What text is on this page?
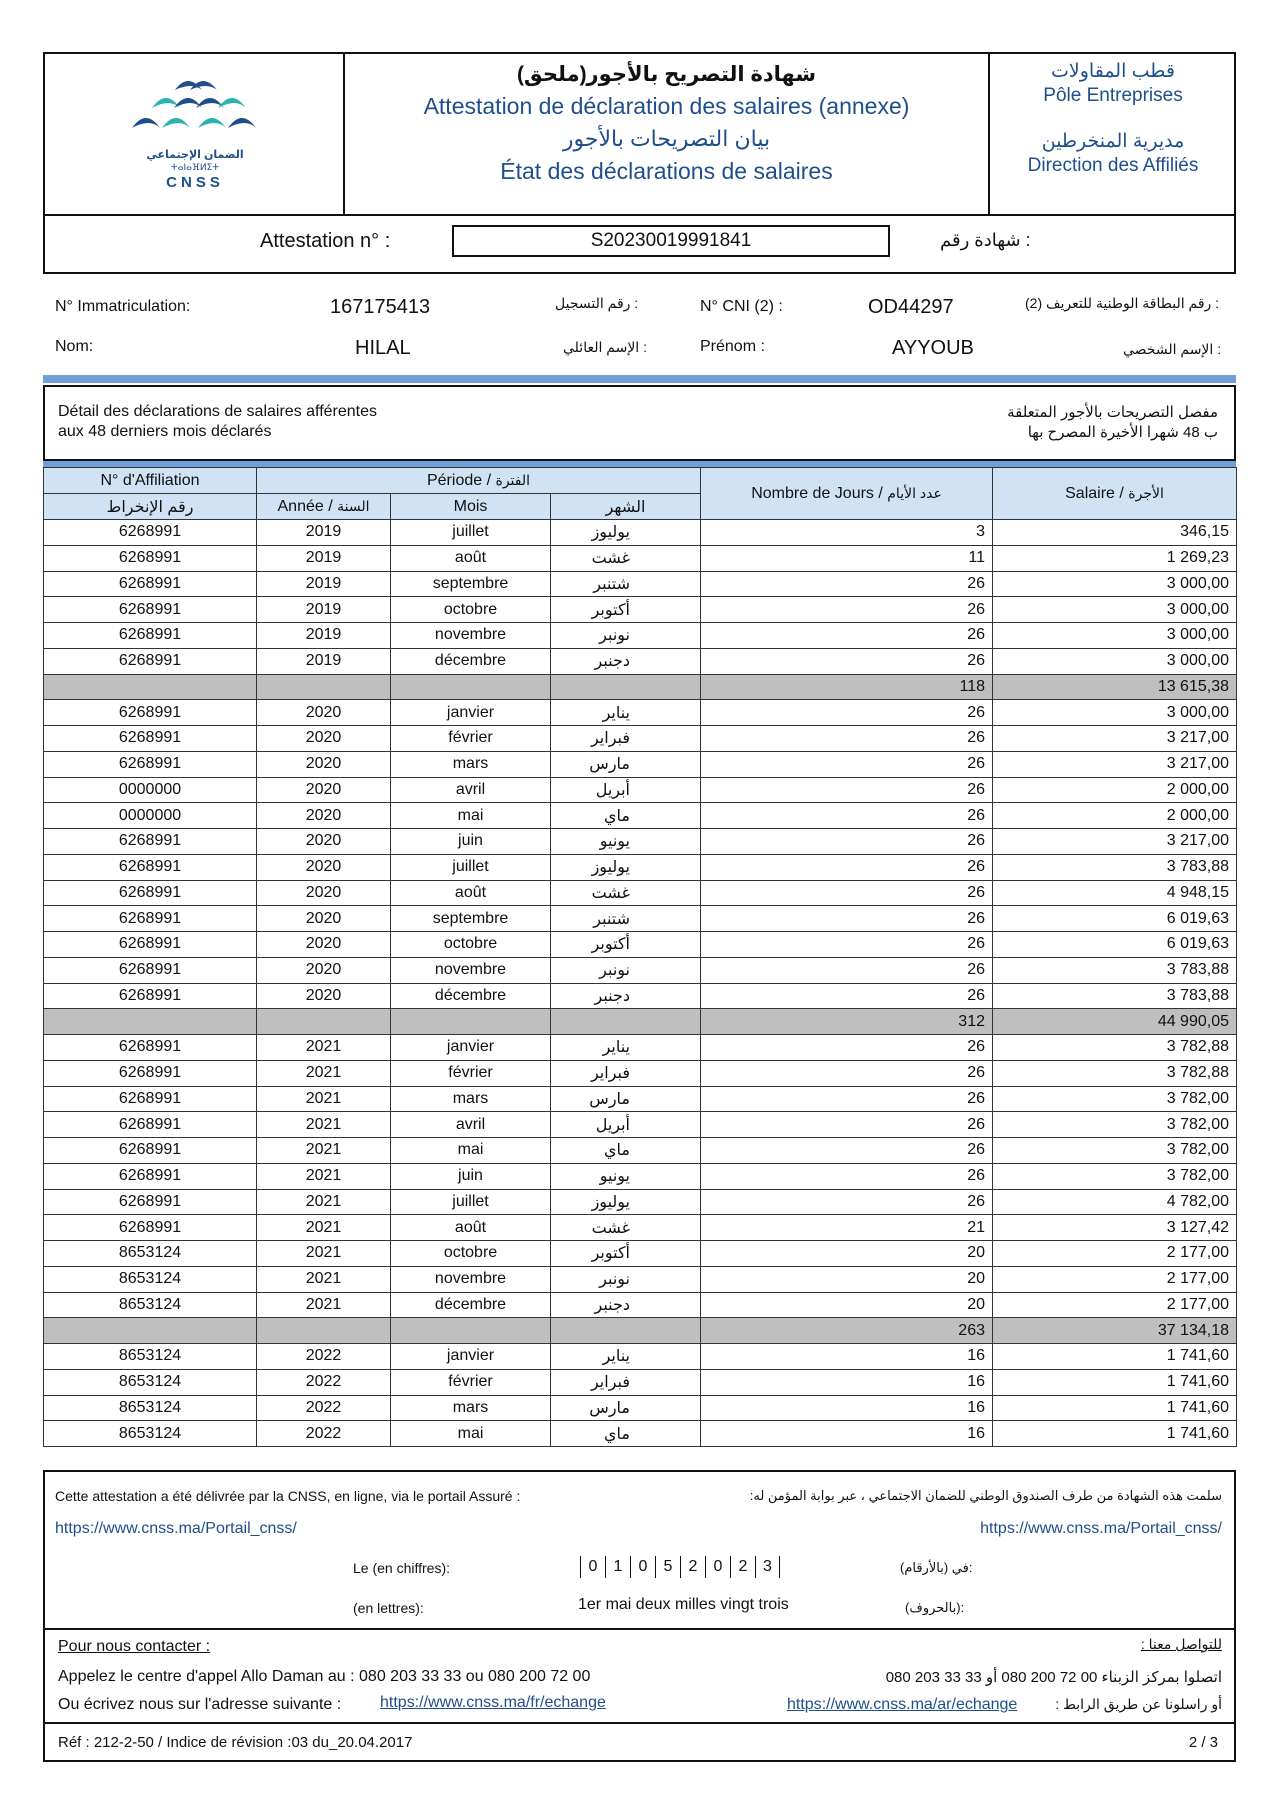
الضمان الإجتماعي
ⵜⴰⵏⴰⴼⵍⵉⵜ
CNSS
شهادة التصريح بالأجور(ملحق)
Attestation de déclaration des salaires (annexe)
بيان التصريحات بالأجور
État des déclarations de salaires
قطب المقاولات
Pôle Entreprises
مديرية المنخرطين
Direction des Affiliés
Attestation n° :	S20230019991841	شهادة رقم :
N° Immatriculation:	167175413	رقم التسجيل :	N° CNI (2) :	OD44297	رقم البطاقة الوطنية للتعريف (2) :
Nom:	HILAL	الإسم العائلي :	Prénom :	AYYOUB	الإسم الشخصي :
Détail des déclarations de salaires afférentes
aux 48 derniers mois déclarés
مفصل التصريحات بالأجور المتعلقة
ب 48 شهرا الأخيرة المصرح بها
N° d'Affiliation	Période / الفترة			Nombre de Jours / عدد الأيام	Salaire / الأجرة
رقم الإنخراط	Année / السنة	Mois	الشهر		
6268991	2019	juillet	يوليوز	3	346,15
6268991	2019	août	غشت	11	1 269,23
6268991	2019	septembre	شتنبر	26	3 000,00
6268991	2019	octobre	أكتوبر	26	3 000,00
6268991	2019	novembre	نونبر	26	3 000,00
6268991	2019	décembre	دجنبر	26	3 000,00
				118	13 615,38
6268991	2020	janvier	يناير	26	3 000,00
6268991	2020	février	فبراير	26	3 217,00
6268991	2020	mars	مارس	26	3 217,00
0000000	2020	avril	أبريل	26	2 000,00
0000000	2020	mai	ماي	26	2 000,00
6268991	2020	juin	يونيو	26	3 217,00
6268991	2020	juillet	يوليوز	26	3 783,88
6268991	2020	août	غشت	26	4 948,15
6268991	2020	septembre	شتنبر	26	6 019,63
6268991	2020	octobre	أكتوبر	26	6 019,63
6268991	2020	novembre	نونبر	26	3 783,88
6268991	2020	décembre	دجنبر	26	3 783,88
				312	44 990,05
6268991	2021	janvier	يناير	26	3 782,88
6268991	2021	février	فبراير	26	3 782,88
6268991	2021	mars	مارس	26	3 782,00
6268991	2021	avril	أبريل	26	3 782,00
6268991	2021	mai	ماي	26	3 782,00
6268991	2021	juin	يونيو	26	3 782,00
6268991	2021	juillet	يوليوز	26	4 782,00
6268991	2021	août	غشت	21	3 127,42
8653124	2021	octobre	أكتوبر	20	2 177,00
8653124	2021	novembre	نونبر	20	2 177,00
8653124	2021	décembre	دجنبر	20	2 177,00
				263	37 134,18
8653124	2022	janvier	يناير	16	1 741,60
8653124	2022	février	فبراير	16	1 741,60
8653124	2022	mars	مارس	16	1 741,60
8653124	2022	mai	ماي	16	1 741,60
Cette attestation a été délivrée par la CNSS, en ligne, via le portail Assuré :	سلمت هذه الشهادة من طرف الصندوق الوطني للضمان الاجتماعي ، عبر بوابة المؤمن له:
https://www.cnss.ma/Portail_cnss/	https://www.cnss.ma/Portail_cnss/
Le (en chiffres):	0	1	0	5	2	0	2 3	في (بالأرقام):
(en lettres):	1er mai deux milles vingt trois	(بالحروف):
Pour nous contacter :	للتواصل معنا :
Appelez le centre d'appel Allo Daman au : 080 203 33 33 ou 080 200 72 00	اتصلوا بمركز الزبناء 00 72 200 080 أو 33 33 203 080
Ou écrivez nous sur l'adresse suivante : https://www.cnss.ma/fr/echange	https://www.cnss.ma/ar/echange	أو راسلونا عن طريق الرابط :
Réf : 212-2-50 / Indice de révision :03 du_20.04.2017	2 / 3
